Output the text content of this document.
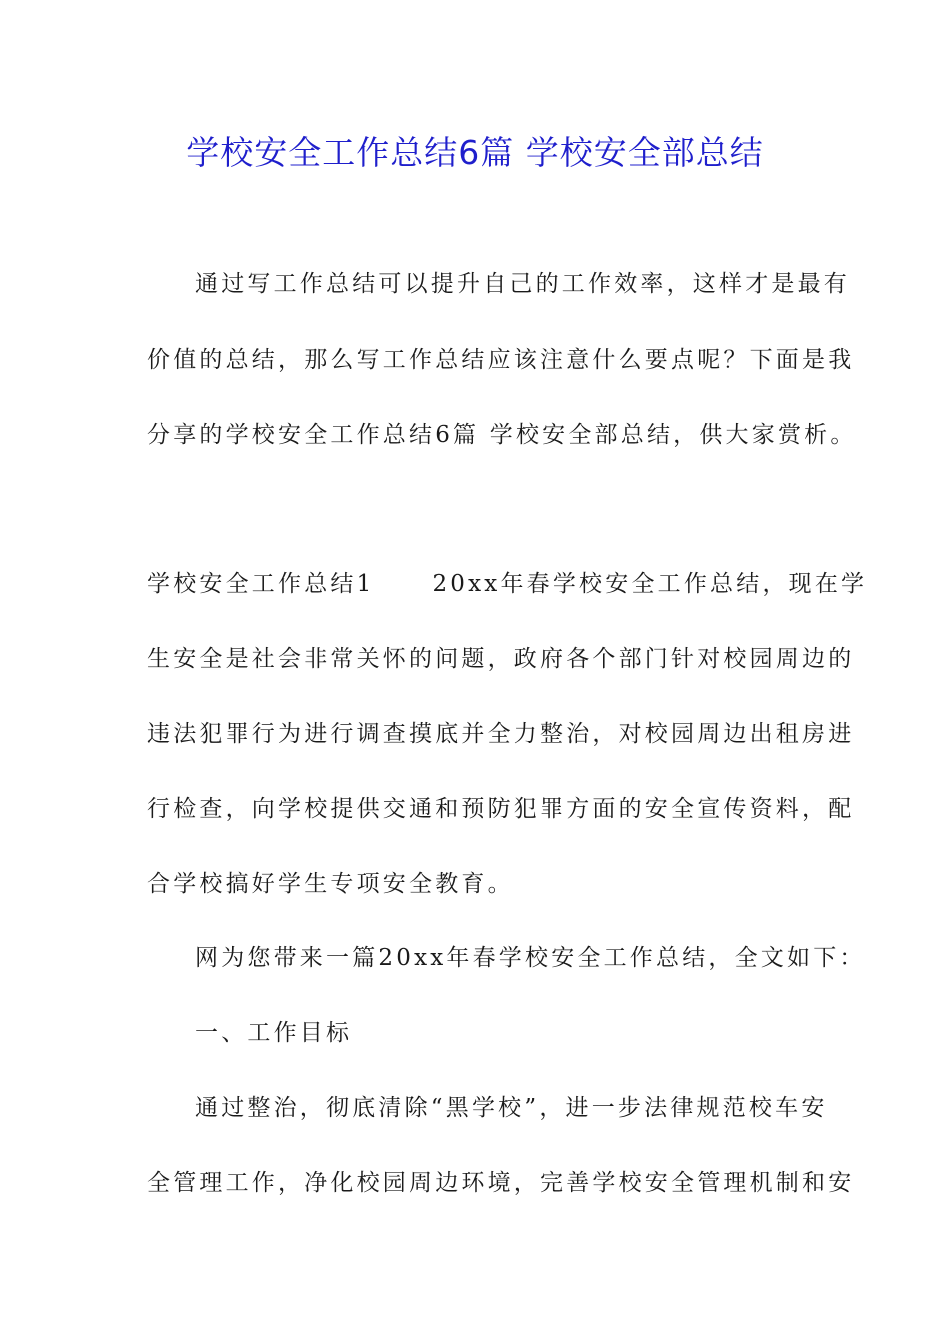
学校安全工作总结6篇 学校安全部总结
通过写工作总结可以提升自己的工作效率，这样才是最有
价值的总结，那么写工作总结应该注意什么要点呢？下面是我
分享的学校安全工作总结6篇 学校安全部总结，供大家赏析。
学校安全工作总结1	20xx年春学校安全工作总结，现在学
生安全是社会非常关怀的问题，政府各个部门针对校园周边的
违法犯罪行为进行调查摸底并全力整治，对校园周边出租房进
行检查，向学校提供交通和预防犯罪方面的安全宣传资料，配
合学校搞好学生专项安全教育。
网为您带来一篇20xx年春学校安全工作总结，全文如下：
一、工作目标
通过整治，彻底清除“黑学校”，进一步法律规范校车安
全管理工作，净化校园周边环境，完善学校安全管理机制和安
